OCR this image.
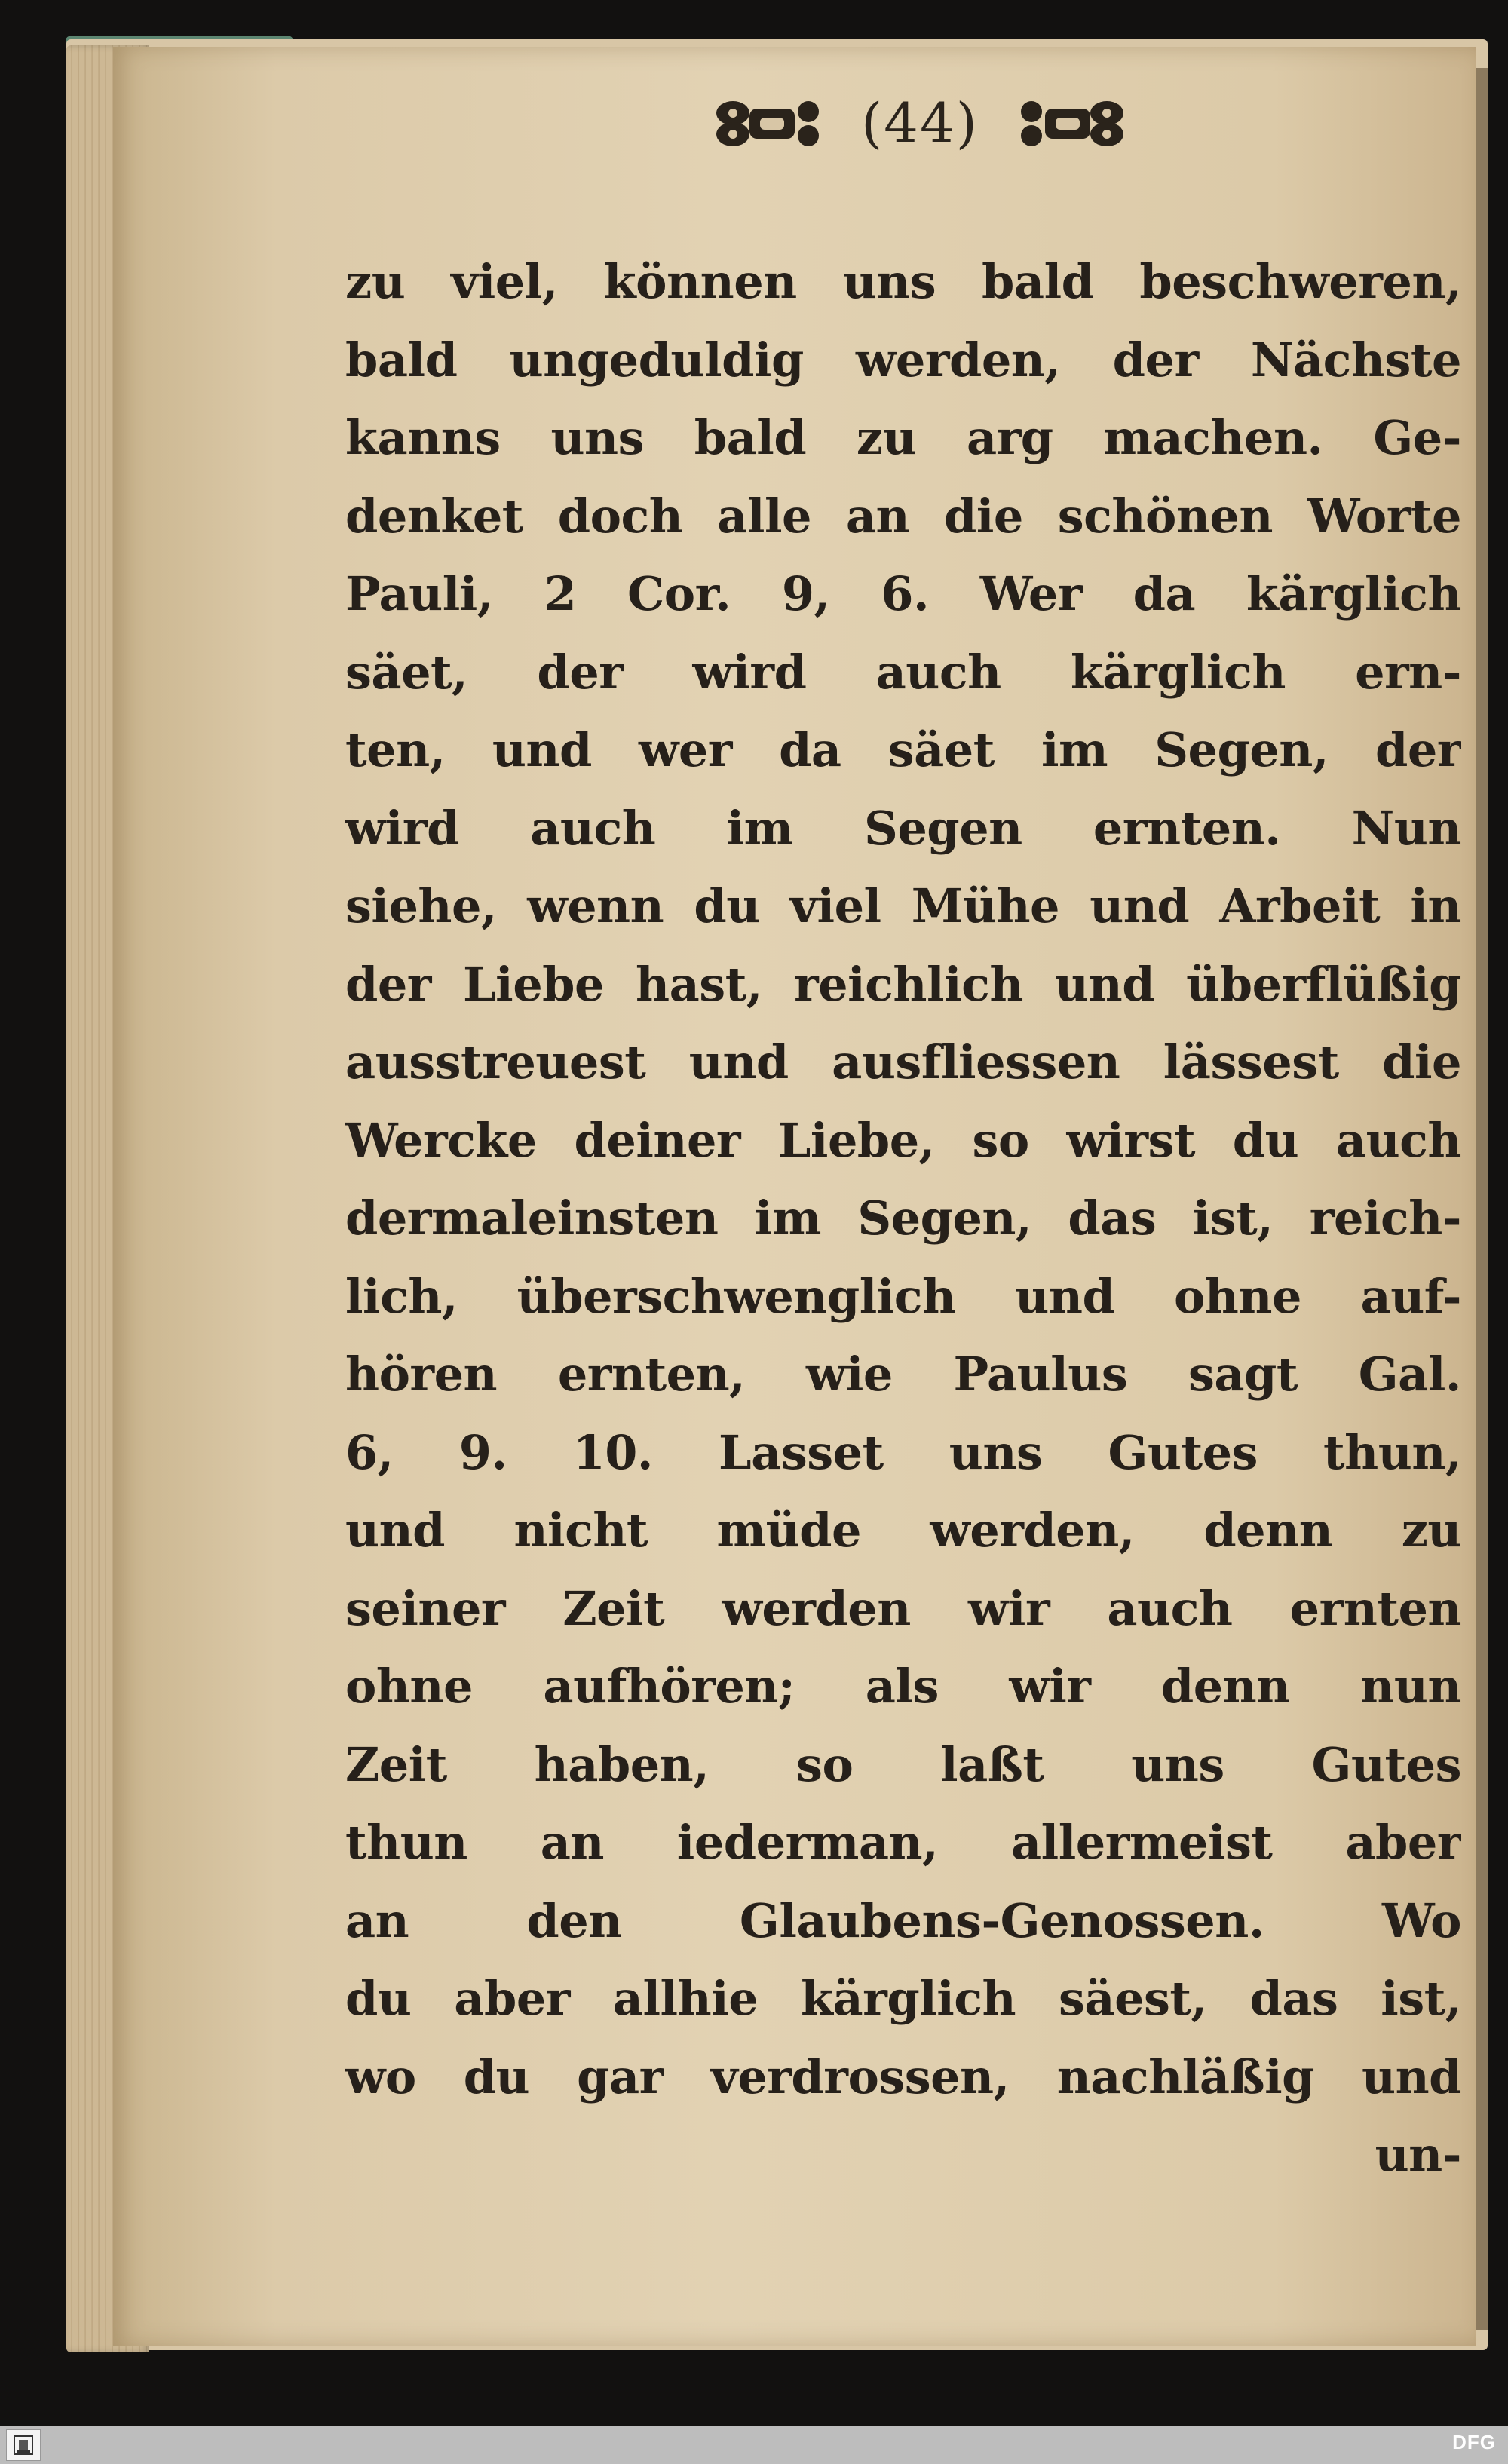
(44)
zu viel, können uns bald beschweren,
bald ungeduldig werden, der Nächste
kanns uns bald zu arg machen. Ge-
denket doch alle an die schönen Worte
Pauli, 2 Cor. 9, 6. Wer da kärglich
säet, der wird auch kärglich ern-
ten, und wer da säet im Segen, der
wird auch im Segen ernten. Nun
siehe, wenn du viel Mühe und Arbeit in
der Liebe hast, reichlich und überflüßig
ausstreuest und ausfliessen lässest die
Wercke deiner Liebe, so wirst du auch
dermaleinsten im Segen, das ist, reich-
lich, überschwenglich und ohne auf-
hören ernten, wie Paulus sagt Gal.
6, 9. 10. Lasset uns Gutes thun,
und nicht müde werden, denn zu
seiner Zeit werden wir auch ernten
ohne aufhören; als wir denn nun
Zeit haben, so laßt uns Gutes
thun an iederman, allermeist aber
an den Glaubens-Genossen. Wo
du aber allhie kärglich säest, das ist,
wo du gar verdrossen, nachläßig und
un-
DFG
